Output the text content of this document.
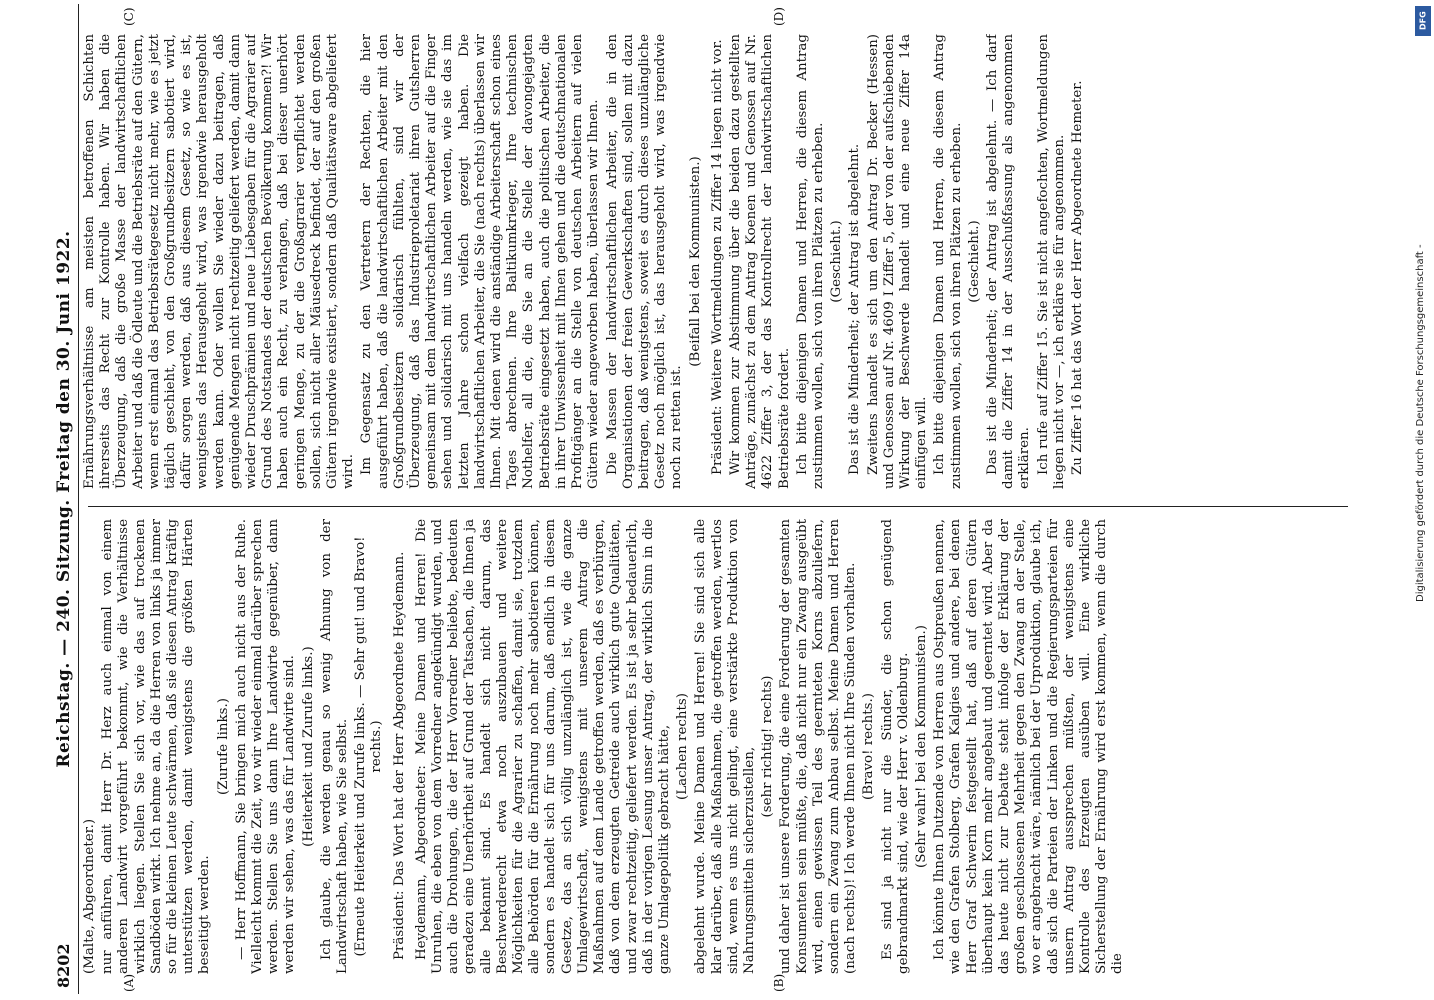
8202
Reichstag. — 240. Sitzung. Freitag den 30. Juni 1922.
(A)	(B)
(C)	(D)

(Malte, Abgeordneter.) nur anführen, damit Herr Dr. Herz auch einmal von einem anderen Landwirt vorgeführt bekommt, wie die Verhältnisse wirklich liegen. Stellen Sie sich vor, wie das auf trockenen Sandböden wirkt. Ich nehme an, da die Herren von links ja immer so für die kleinen Leute schwärmen, daß sie diesen Antrag kräftig unterstützen werden, damit wenigstens die größten Härten beseitigt werden.

(Zurufe links.) — Herr Hoffmann, Sie bringen mich auch nicht aus der Ruhe. Vielleicht kommt die Zeit, wo wir wieder einmal darüber sprechen werden. Stellen Sie uns dann Ihre Landwirte gegenüber, dann werden wir sehen, was das für Landwirte sind. (Heiterkeit und Zurufe links.) Ich glaube, die werden genau so wenig Ahnung von der Landwirtschaft haben, wie Sie selbst. (Erneute Heiterkeit und Zurufe links. — Sehr gut! und Bravo! rechts.) Präsident: Das Wort hat der Herr Abgeordnete Heydemann. Heydemann, Abgeordneter: Meine Damen und Herren! Die Unruhen, die eben von dem Vorredner angekündigt wurden, und auch die Drohungen, die der Herr Vorredner beliebte, bedeuten geradezu eine Unerhörtheit auf Grund der Tatsachen, die Ihnen ja alle bekannt sind. Es handelt sich nicht darum, das Beschwerderecht etwa noch auszubauen und weitere Möglichkeiten für die Agrarier zu schaffen, damit sie, trotzdem alle Behörden für die Ernährung noch mehr sabotieren können, sondern es handelt sich für uns darum, daß endlich in diesem Gesetze, das an sich völlig unzulänglich ist, wie die ganze Umlagewirtschaft, wenigstens mit unserem Antrag die Maßnahmen auf dem Lande getroffen werden, daß es verbürgen, daß von dem erzeugten Getreide auch wirklich gute Qualitäten, und zwar rechtzeitig, geliefert werden. Es ist ja sehr bedauerlich, daß in der vorigen Lesung unser Antrag, der wirklich Sinn in die ganze Umlagepolitik gebracht hätte, (Lachen rechts) abgelehnt wurde. Meine Damen und Herren! Sie sind sich alle klar darüber, daß alle Maßnahmen, die getroffen werden, wertlos sind, wenn es uns nicht gelingt, eine verstärkte Produktion von Nahrungsmitteln sicherzustellen,

(sehr richtig! rechts) und daher ist unsere Forderung, die eine Forderung der gesamten Konsumenten sein müßte, die, daß nicht nur ein Zwang ausgeübt wird, einen gewissen Teil des geernteten Korns abzuliefern, sondern ein Zwang zum Anbau selbst. Meine Damen und Herren (nach rechts)! Ich werde Ihnen nicht Ihre Sünden vorhalten. (Bravo! rechts.) Es sind ja nicht nur die Sünder, die schon genügend gebrandmarkt sind, wie der Herr v. Oldenburg. (Sehr wahr! bei den Kommunisten.) Ich könnte Ihnen Dutzende von Herren aus Ostpreußen nennen, wie den Grafen Stolberg, Grafen Kalgies und andere, bei denen Herr Graf Schwerin festgestellt hat, daß auf deren Gütern überhaupt kein Korn mehr angebaut und geerntet wird. Aber da das heute nicht zur Debatte steht infolge der Erklärung der großen geschlossenen Mehrheit gegen den Zwang an der Stelle, wo er angebracht wäre, nämlich bei der Urproduktion, glaube ich, daß sich die Parteien der Linken und die Regierungsparteien für unsern Antrag aussprechen müßten, der wenigstens eine Kontrolle des Erzeugten ausüben will. Eine wirkliche Sicherstellung der Ernährung wird erst kommen, wenn die durch die

Ernährungsverhältnisse am meisten betroffenen Schichten ihrerseits das Recht zur Kontrolle haben. Wir haben die Überzeugung, daß die große Masse der landwirtschaftlichen Arbeiter und daß die Ödleute und die Betriebsräte auf den Gütern, wenn erst einmal das Betriebsrätegesetz nicht mehr, wie es jetzt täglich geschieht, von den Großgrundbesitzern sabotiert wird, dafür sorgen werden, daß aus diesem Gesetz, so wie es ist, wenigstens das Herausgeholt wird, was irgendwie herausgeholt werden kann. Oder wollen Sie wieder dazu beitragen, daß genügende Mengen nicht rechtzeitig geliefert werden, damit dann wieder Druschprämien und neue Liebesgaben für die Agrarier auf Grund des Notstandes der deutschen Bevölkerung kommen?! Wir haben auch ein Recht, zu verlangen, daß bei dieser unerhört geringen Menge, zu der die Großagrarier verpflichtet werden sollen, sich nicht aller Mäusedreck befindet, der auf den großen Gütern irgendwie existiert, sondern daß Qualitätsware abgeliefert wird. Im Gegensatz zu den Vertretern der Rechten, die hier ausgeführt haben, daß die landwirtschaftlichen Arbeiter mit den Großgrundbesitzern solidarisch fühlten, sind wir der Überzeugung, daß das Industrieproletariat ihren Gutsherren gemeinsam mit dem landwirtschaftlichen Arbeiter auf die Finger sehen und solidarisch mit uns handeln werden, wie sie das im letzten Jahre schon vielfach gezeigt haben. Die landwirtschaftlichen Arbeiter, die Sie (nach rechts) überlassen wir Ihnen. Mit denen wird die anständige Arbeiterschaft schon eines Tages abrechnen. Ihre Baltikumkrieger, Ihre technischen Nothelfer, all die, die Sie an die Stelle der davongejagten Betriebsräte eingesetzt haben, auch die politischen Arbeiter, die in ihrer Unwissenheit mit Ihnen gehen und die deutschnationalen Profitgänger an die Stelle von deutschen Arbeitern auf vielen Gütern wieder angeworben haben, überlassen wir Ihnen. Die Massen der landwirtschaftlichen Arbeiter, die in den Organisationen der freien Gewerkschaften sind, sollen mit dazu beitragen, daß wenigstens, soweit es durch dieses unzulängliche Gesetz noch möglich ist, das herausgeholt wird, was irgendwie noch zu retten ist.

(Beifall bei den Kommunisten.) Präsident: Weitere Wortmeldungen zu Ziffer 14 liegen nicht vor. Wir kommen zur Abstimmung über die beiden dazu gestellten Anträge, zunächst zu dem Antrag Koenen und Genossen auf Nr. 4622 Ziffer 3, der das Kontrollrecht der landwirtschaftlichen Betriebsräte fordert. Ich bitte diejenigen Damen und Herren, die diesem Antrag zustimmen wollen, sich von ihren Plätzen zu erheben. (Geschieht.) Das ist die Minderheit; der Antrag ist abgelehnt. Zweitens handelt es sich um den Antrag Dr. Becker (Hessen) und Genossen auf Nr. 4609 I Ziffer 5, der von der aufschiebenden Wirkung der Beschwerde handelt und eine neue Ziffer 14a einfügen will. Ich bitte diejenigen Damen und Herren, die diesem Antrag zustimmen wollen, sich von ihren Plätzen zu erheben. (Geschieht.) Das ist die Minderheit; der Antrag ist abgelehnt. — Ich darf damit die Ziffer 14 in der Ausschußfassung als angenommen erklären. Ich rufe auf Ziffer 15. Sie ist nicht angefochten, Wortmeldungen liegen nicht vor —, ich erkläre sie für angenommen. Zu Ziffer 16 hat das Wort der Herr Abgeordnete Hemeter.

DFG
Digitalisierung gefördert durch die Deutsche Forschungsgemeinschaft -
